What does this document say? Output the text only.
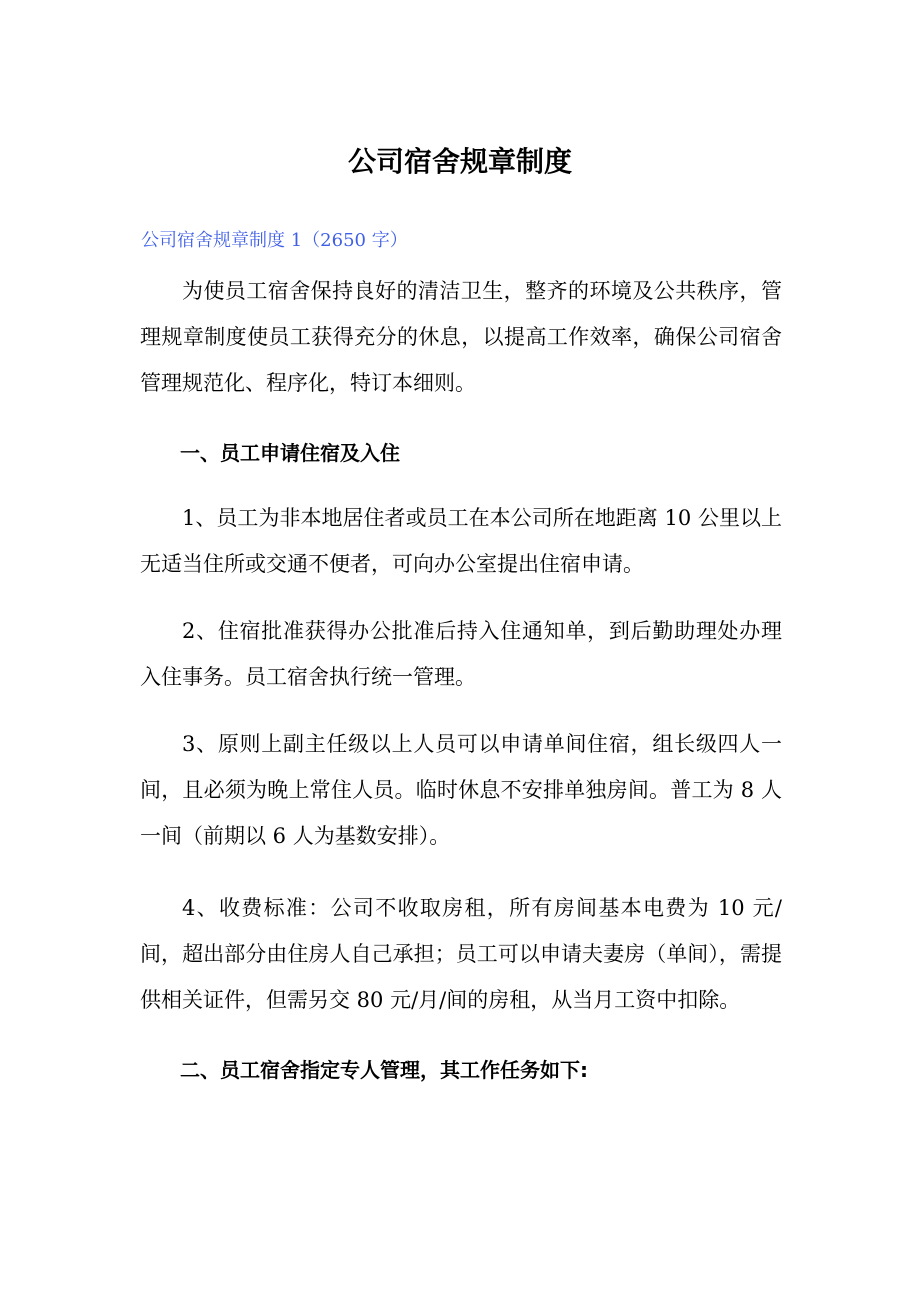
公司宿舍规章制度
公司宿舍规章制度 1（2650 字）

为使员工宿舍保持良好的清洁卫生，整齐的环境及公共秩序，管理规章制度使员工获得充分的休息，以提高工作效率，确保公司宿舍管理规范化、程序化，特订本细则。

一、员工申请住宿及入住

1、员工为非本地居住者或员工在本公司所在地距离 10 公里以上无适当住所或交通不便者，可向办公室提出住宿申请。

2、住宿批准获得办公批准后持入住通知单，到后勤助理处办理入住事务。员工宿舍执行统一管理。

3、原则上副主任级以上人员可以申请单间住宿，组长级四人一间，且必须为晚上常住人员。临时休息不安排单独房间。普工为 8 人一间（前期以 6 人为基数安排）。

4、收费标准：公司不收取房租，所有房间基本电费为 10 元/间，超出部分由住房人自己承担；员工可以申请夫妻房（单间），需提供相关证件，但需另交 80 元/月/间的房租，从当月工资中扣除。

二、员工宿舍指定专人管理，其工作任务如下:
